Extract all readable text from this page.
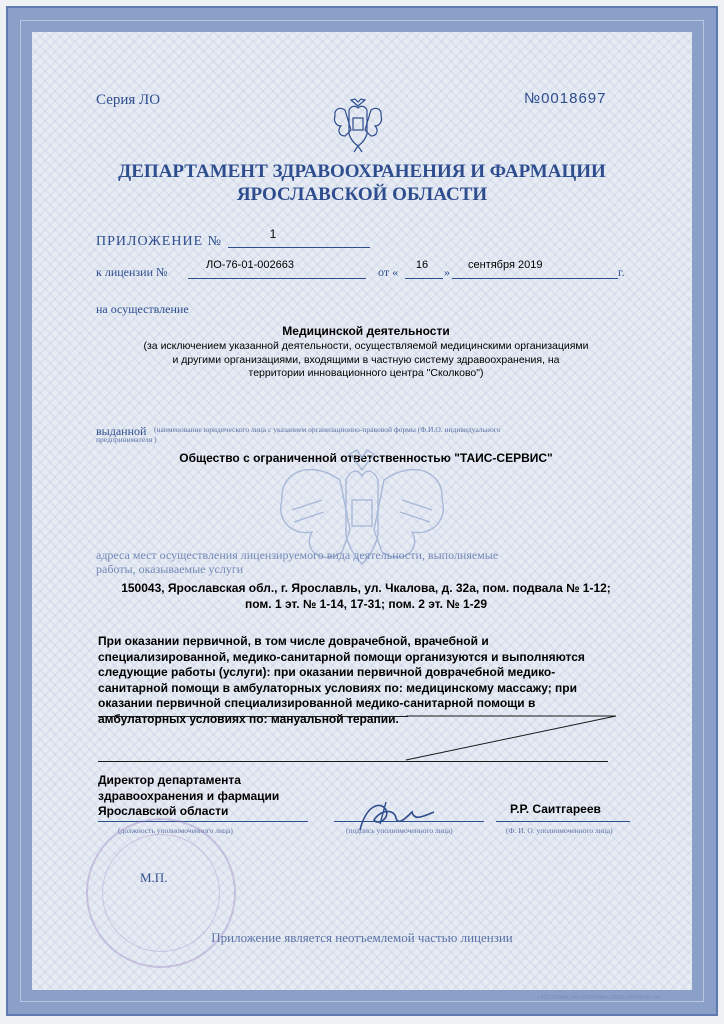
Серия ЛО	№0018697
ДЕПАРТАМЕНТ ЗДРАВООХРАНЕНИЯ И ФАРМАЦИИ
ЯРОСЛАВСКОЙ ОБЛАСТИ
ПРИЛОЖЕНИЕ №	1
к лицензии №	ЛО-76-01-002663	от «	16	» сентября 2019	г.
на осуществление
Медицинской деятельности
(за исключением указанной деятельности, осуществляемой медицинскими организациями
и другими организациями, входящими в частную систему здравоохранения, на
территории инновационного центра "Сколково")
выданной (наименование юридического лица с указанием организационно-правовой формы (Ф.И.О. индивидуального
предпринимателя )
Общество с ограниченной ответственностью "ТАИС-СЕРВИС"
адреса мест осуществления лицензируемого вида деятельности, выполняемые
работы, оказываемые услуги
150043, Ярославская обл., г. Ярославль, ул. Чкалова, д. 32а, пом. подвала № 1-12;
пом. 1 эт. № 1-14, 17-31; пом. 2 эт. № 1-29
При оказании первичной, в том числе доврачебной, врачебной и
специализированной, медико-санитарной помощи организуются и выполняются
следующие работы (услуги): при оказании первичной доврачебной медико-
санитарной помощи в амбулаторных условиях по: медицинскому массажу; при
оказании первичной специализированной медико-санитарной помощи в
амбулаторных условиях по: мануальной терапии.
Директор департамента
здравоохранения и фармации
Ярославской области
(должность уполномоченного лица)	(подпись уполномоченного лица)
Р.Р. Саитгареев
(Ф. И. О. уполномоченного лица)
М.П.
Приложение является неотъемлемой частью лицензии
г.КОСТРОМА, АО «КОТРОМА» 2018Г УРОВЕНЬ «А»
